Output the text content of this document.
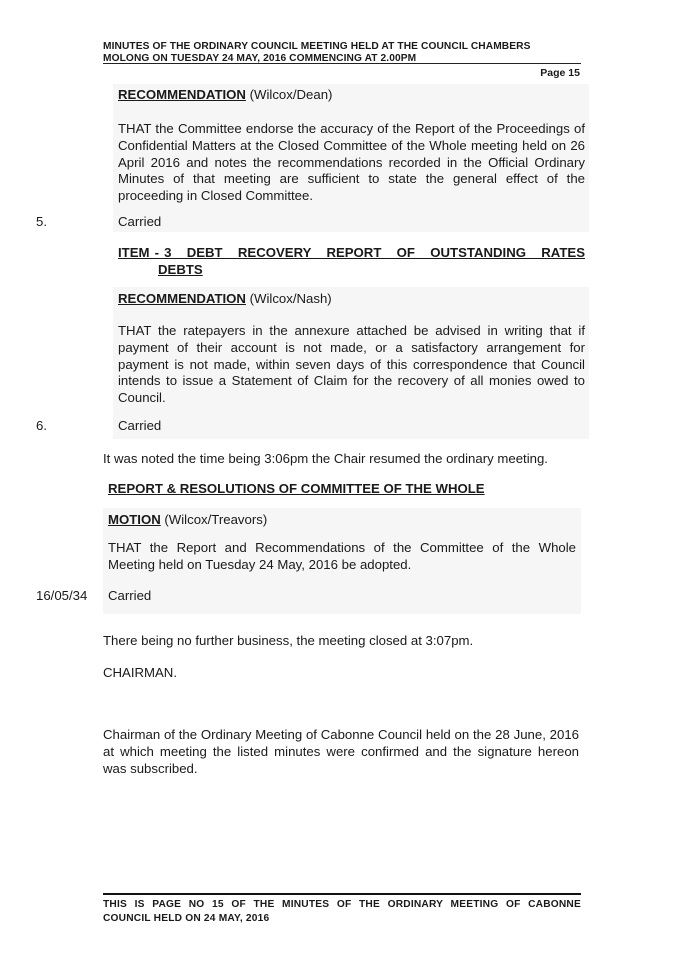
MINUTES OF THE ORDINARY COUNCIL MEETING HELD AT THE COUNCIL CHAMBERS
MOLONG ON TUESDAY 24 MAY, 2016 COMMENCING AT 2.00PM
Page 15
RECOMMENDATION (Wilcox/Dean)
THAT the Committee endorse the accuracy of the Report of the Proceedings of Confidential Matters at the Closed Committee of the Whole meeting held on 26 April 2016 and notes the recommendations recorded in the Official Ordinary Minutes of that meeting are sufficient to state the general effect of the proceeding in Closed Committee.
5.	Carried
ITEM - 3   DEBT   RECOVERY   REPORT   OF   OUTSTANDING   RATES
DEBTS
RECOMMENDATION (Wilcox/Nash)
THAT the ratepayers in the annexure attached be advised in writing that if payment of their account is not made, or a satisfactory arrangement for payment is not made, within seven days of this correspondence that Council intends to issue a Statement of Claim for the recovery of all monies owed to Council.
6.	Carried
It was noted the time being 3:06pm the Chair resumed the ordinary meeting.
REPORT & RESOLUTIONS OF COMMITTEE OF THE WHOLE
MOTION (Wilcox/Treavors)
THAT the Report and Recommendations of the Committee of the Whole Meeting held on Tuesday 24 May, 2016 be adopted.
16/05/34 Carried
There being no further business, the meeting closed at 3:07pm.
CHAIRMAN.
Chairman of the Ordinary Meeting of Cabonne Council held on the 28 June, 2016 at which meeting the listed minutes were confirmed and the signature hereon was subscribed.
THIS IS PAGE NO 15 OF THE MINUTES OF THE ORDINARY MEETING OF CABONNE
COUNCIL HELD ON 24 MAY, 2016
